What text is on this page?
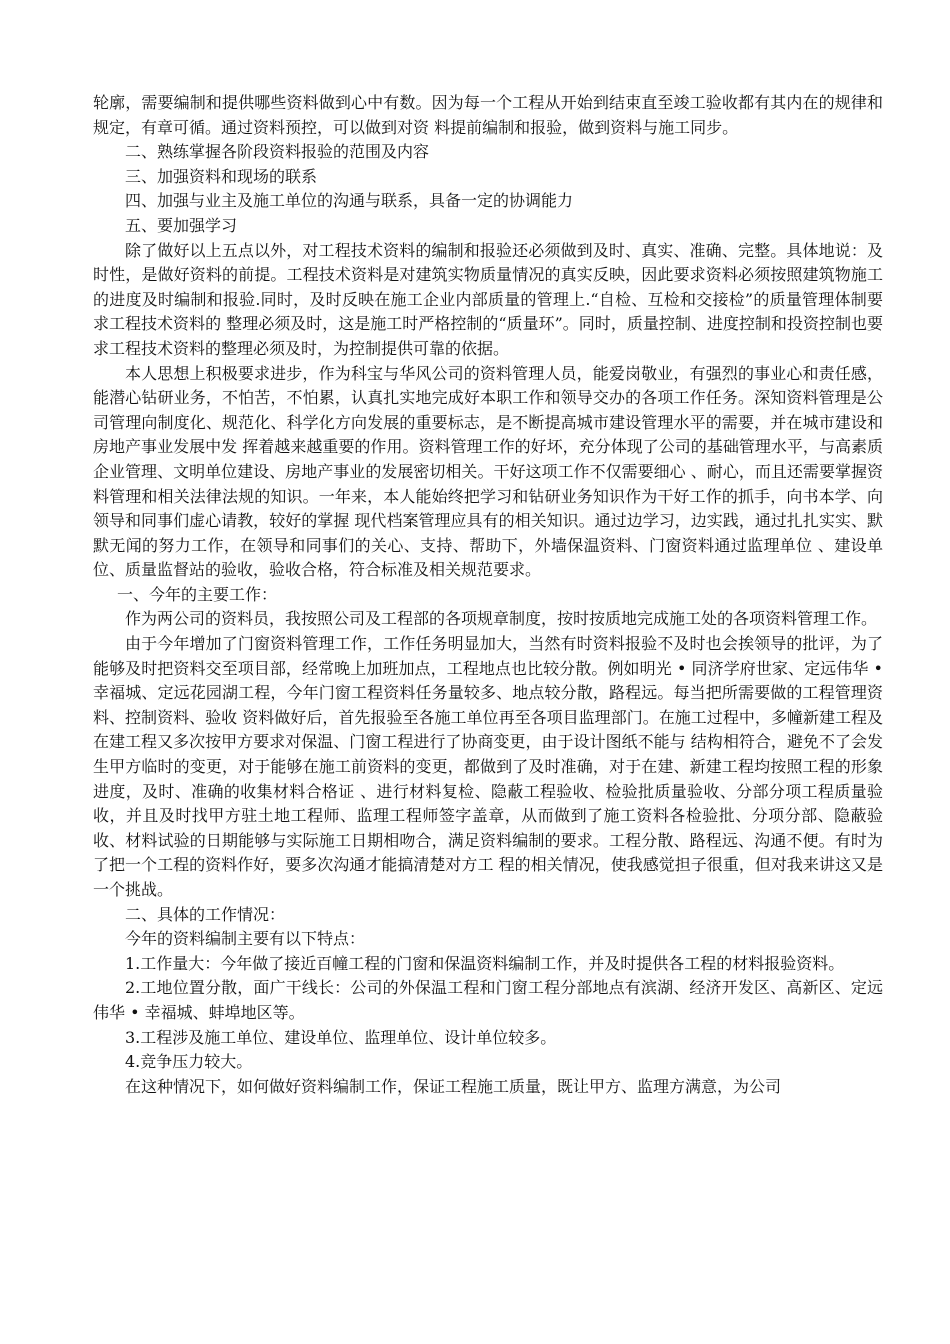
轮廓，需要编制和提供哪些资料做到心中有数。因为每一个工程从开始到结束直至竣工验收都有其内在的规律和规定，有章可循。通过资料预控，可以做到对资 料提前编制和报验，做到资料与施工同步。

二、熟练掌握各阶段资料报验的范围及内容

三、加强资料和现场的联系

四、加强与业主及施工单位的沟通与联系，具备一定的协调能力

五、要加强学习

除了做好以上五点以外，对工程技术资料的编制和报验还必须做到及时、真实、准确、完整。具体地说：及时性，是做好资料的前提。工程技术资料是对建筑实物质量情况的真实反映，因此要求资料必须按照建筑物施工的进度及时编制和报验.同时，及时反映在施工企业内部质量的管理上.“自检、互检和交接检”的质量管理体制要求工程技术资料的 整理必须及时，这是施工时严格控制的“质量环”。同时，质量控制、进度控制和投资控制也要求工程技术资料的整理必须及时，为控制提供可靠的依据。

本人思想上积极要求进步，作为科宝与华风公司的资料管理人员，能爱岗敬业，有强烈的事业心和责任感，能潜心钻研业务，不怕苦，不怕累，认真扎实地完成好本职工作和领导交办的各项工作任务。深知资料管理是公司管理向制度化、规范化、科学化方向发展的重要标志，是不断提高城市建设管理水平的需要，并在城市建设和房地产事业发展中发 挥着越来越重要的作用。资料管理工作的好坏，充分体现了公司的基础管理水平，与高素质企业管理、文明单位建设、房地产事业的发展密切相关。干好这项工作不仅需要细心 、耐心，而且还需要掌握资料管理和相关法律法规的知识。一年来，本人能始终把学习和钻研业务知识作为干好工作的抓手，向书本学、向领导和同事们虚心请教，较好的掌握 现代档案管理应具有的相关知识。通过边学习，边实践，通过扎扎实实、默默无闻的努力工作，在领导和同事们的关心、支持、帮助下，外墙保温资料、门窗资料通过监理单位 、建设单位、质量监督站的验收，验收合格，符合标准及相关规范要求。

一、今年的主要工作：

作为两公司的资料员，我按照公司及工程部的各项规章制度，按时按质地完成施工处的各项资料管理工作。

由于今年增加了门窗资料管理工作，工作任务明显加大，当然有时资料报验不及时也会挨领导的批评，为了能够及时把资料交至项目部，经常晚上加班加点，工程地点也比较分散。例如明光 • 同济学府世家、定远伟华 • 幸福城、定远花园湖工程，今年门窗工程资料任务量较多、地点较分散，路程远。每当把所需要做的工程管理资料、控制资料、验收 资料做好后，首先报验至各施工单位再至各项目监理部门。在施工过程中，多幢新建工程及在建工程又多次按甲方要求对保温、门窗工程进行了协商变更，由于设计图纸不能与 结构相符合，避免不了会发生甲方临时的变更，对于能够在施工前资料的变更，都做到了及时准确，对于在建、新建工程均按照工程的形象进度，及时、准确的收集材料合格证 、进行材料复检、隐蔽工程验收、检验批质量验收、分部分项工程质量验收，并且及时找甲方驻土地工程师、监理工程师签字盖章，从而做到了施工资料各检验批、分项分部、隐蔽验收、材料试验的日期能够与实际施工日期相吻合，满足资料编制的要求。工程分散、路程远、沟通不便。有时为了把一个工程的资料作好，要多次沟通才能搞清楚对方工 程的相关情况，使我感觉担子很重，但对我来讲这又是一个挑战。

二、具体的工作情况：

今年的资料编制主要有以下特点：

1.工作量大：今年做了接近百幢工程的门窗和保温资料编制工作，并及时提供各工程的材料报验资料。

2.工地位置分散，面广干线长：公司的外保温工程和门窗工程分部地点有滨湖、经济开发区、高新区、定远伟华 • 幸福城、蚌埠地区等。

3.工程涉及施工单位、建设单位、监理单位、设计单位较多。

4.竞争压力较大。

在这种情况下，如何做好资料编制工作，保证工程施工质量，既让甲方、监理方满意，为公司
